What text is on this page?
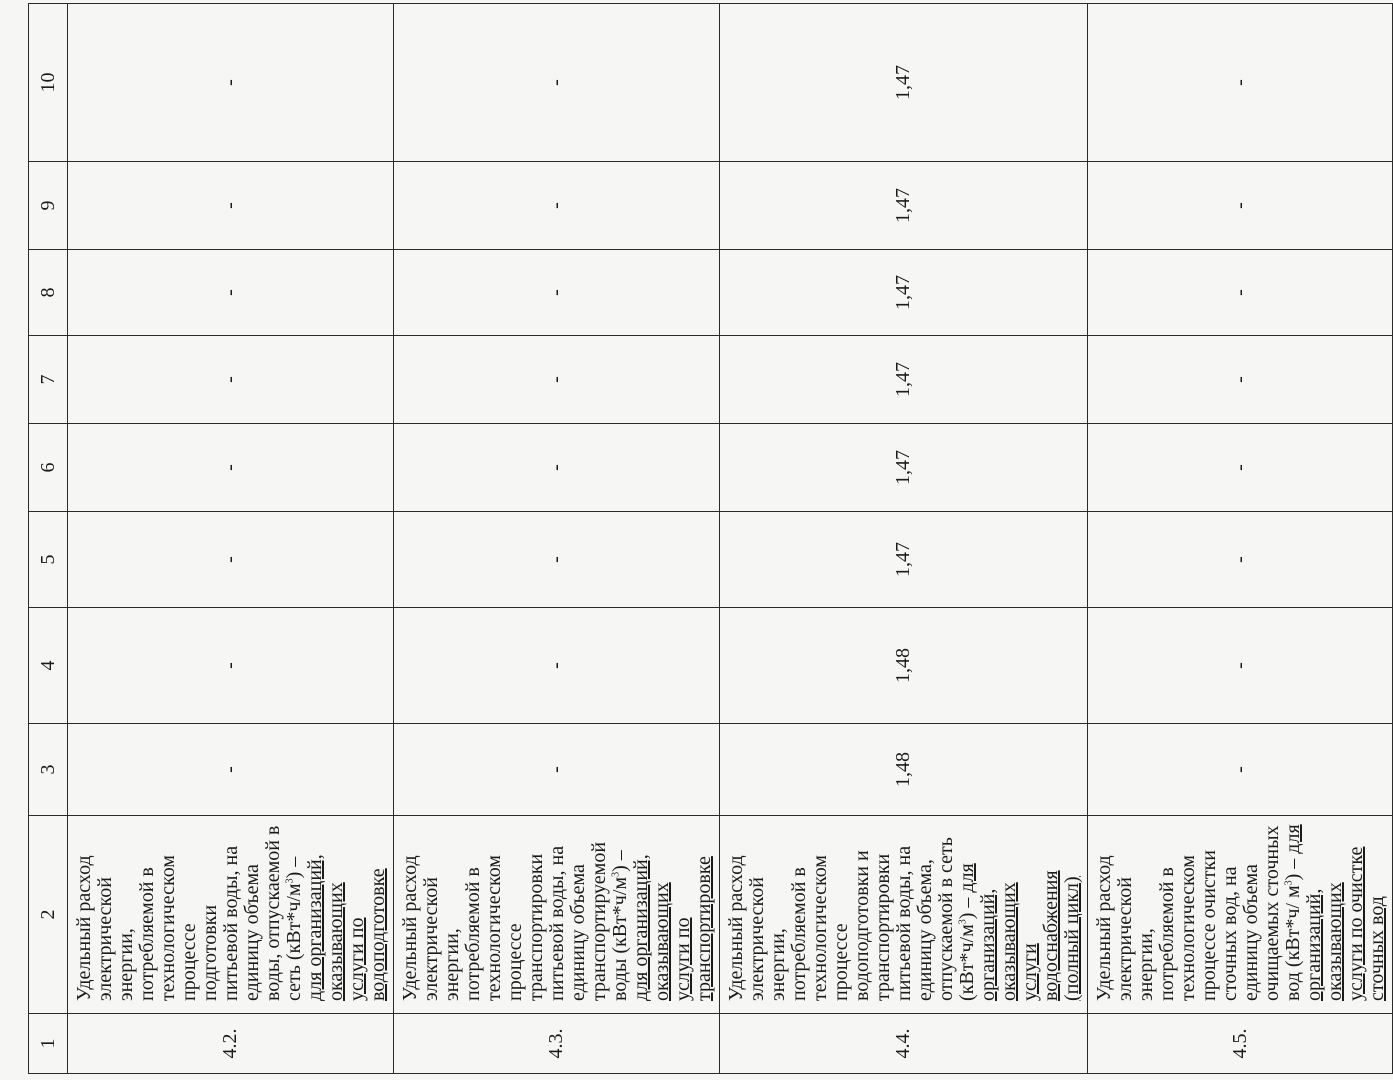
1	2	3	4	5	6	7	8	9	10
4.2.	Удельный расход электрической энергии, потребляемой в технологическом процессе подготовки питьевой воды, на единицу объема воды, отпускаемой в сеть $(кВт*ч/м^3)$ – для организаций, оказывающих услуги по водоподготовке	-	-	-	-	-	-	-	-
4.3.	Удельный расход электрической энергии, потребляемой в технологическом процессе транспортировки питьевой воды, на единицу объема транспортируемой воды $(кВт*ч/м^3)$ – для организаций, оказывающих услуги по транспортировке	-	-	-	-	-	-	-	-
4.4.	Удельный расход электрической энергии, потребляемой в технологическом процессе водоподготовки и транспортировки питьевой воды, на единицу объема, отпускаемой в сеть $(кВт*ч/м^3)$ – для организаций, оказывающих услуги водоснабжения (полный цикл)	1,48	1,48	1,47	1,47	1,47	1,47	1,47	1,47
4.5.	Удельный расход электрической энергии, потребляемой в технологическом процессе очистки сточных вод, на единицу объема очищаемых сточных вод (кВт*ч/ $м^3$) – для организаций, оказывающих услуги по очистке сточных вод	-	-	-	-	-	-	-	-
